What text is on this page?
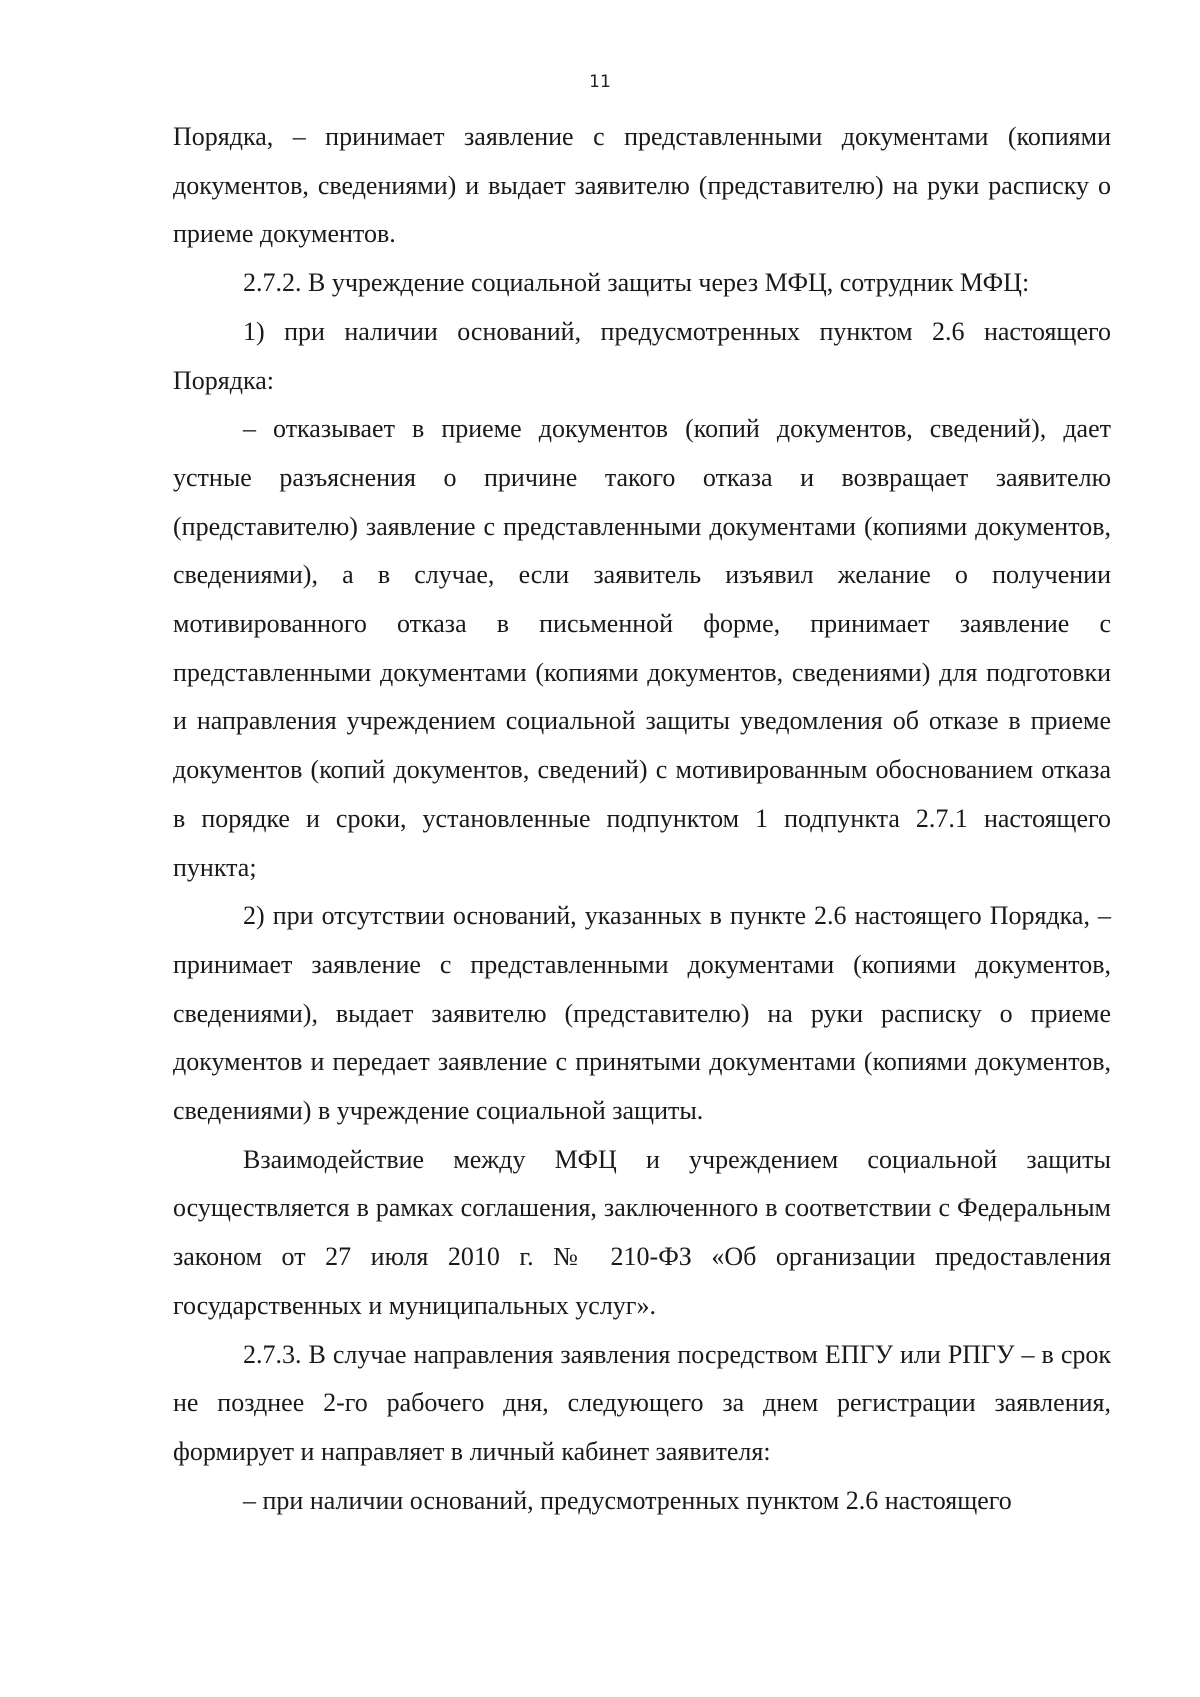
11

Порядка, – принимает заявление с представленными документами (копиями документов, сведениями) и выдает заявителю (представителю) на руки расписку о приеме документов.

2.7.2. В учреждение социальной защиты через МФЦ, сотрудник МФЦ:

1) при наличии оснований, предусмотренных пунктом 2.6 настоящего Порядка:

– отказывает в приеме документов (копий документов, сведений), дает устные разъяснения о причине такого отказа и возвращает заявителю (представителю) заявление с представленными документами (копиями документов, сведениями), а в случае, если заявитель изъявил желание о получении мотивированного отказа в письменной форме, принимает заявление с представленными документами (копиями документов, сведениями) для подготовки и направления учреждением социальной защиты уведомления об отказе в приеме документов (копий документов, сведений) с мотивированным обоснованием отказа в порядке и сроки, установленные подпунктом 1 подпункта 2.7.1 настоящего пункта;

2) при отсутствии оснований, указанных в пункте 2.6 настоящего Порядка, – принимает заявление с представленными документами (копиями документов, сведениями), выдает заявителю (представителю) на руки расписку о приеме документов и передает заявление с принятыми документами (копиями документов, сведениями) в учреждение социальной защиты.

Взаимодействие между МФЦ и учреждением социальной защиты осуществляется в рамках соглашения, заключенного в соответствии с Федеральным законом от 27 июля 2010 г. № 210-ФЗ «Об организации предоставления государственных и муниципальных услуг».

2.7.3. В случае направления заявления посредством ЕПГУ или РПГУ – в срок не позднее 2-го рабочего дня, следующего за днем регистрации заявления, формирует и направляет в личный кабинет заявителя:

– при наличии оснований, предусмотренных пунктом 2.6 настоящего
